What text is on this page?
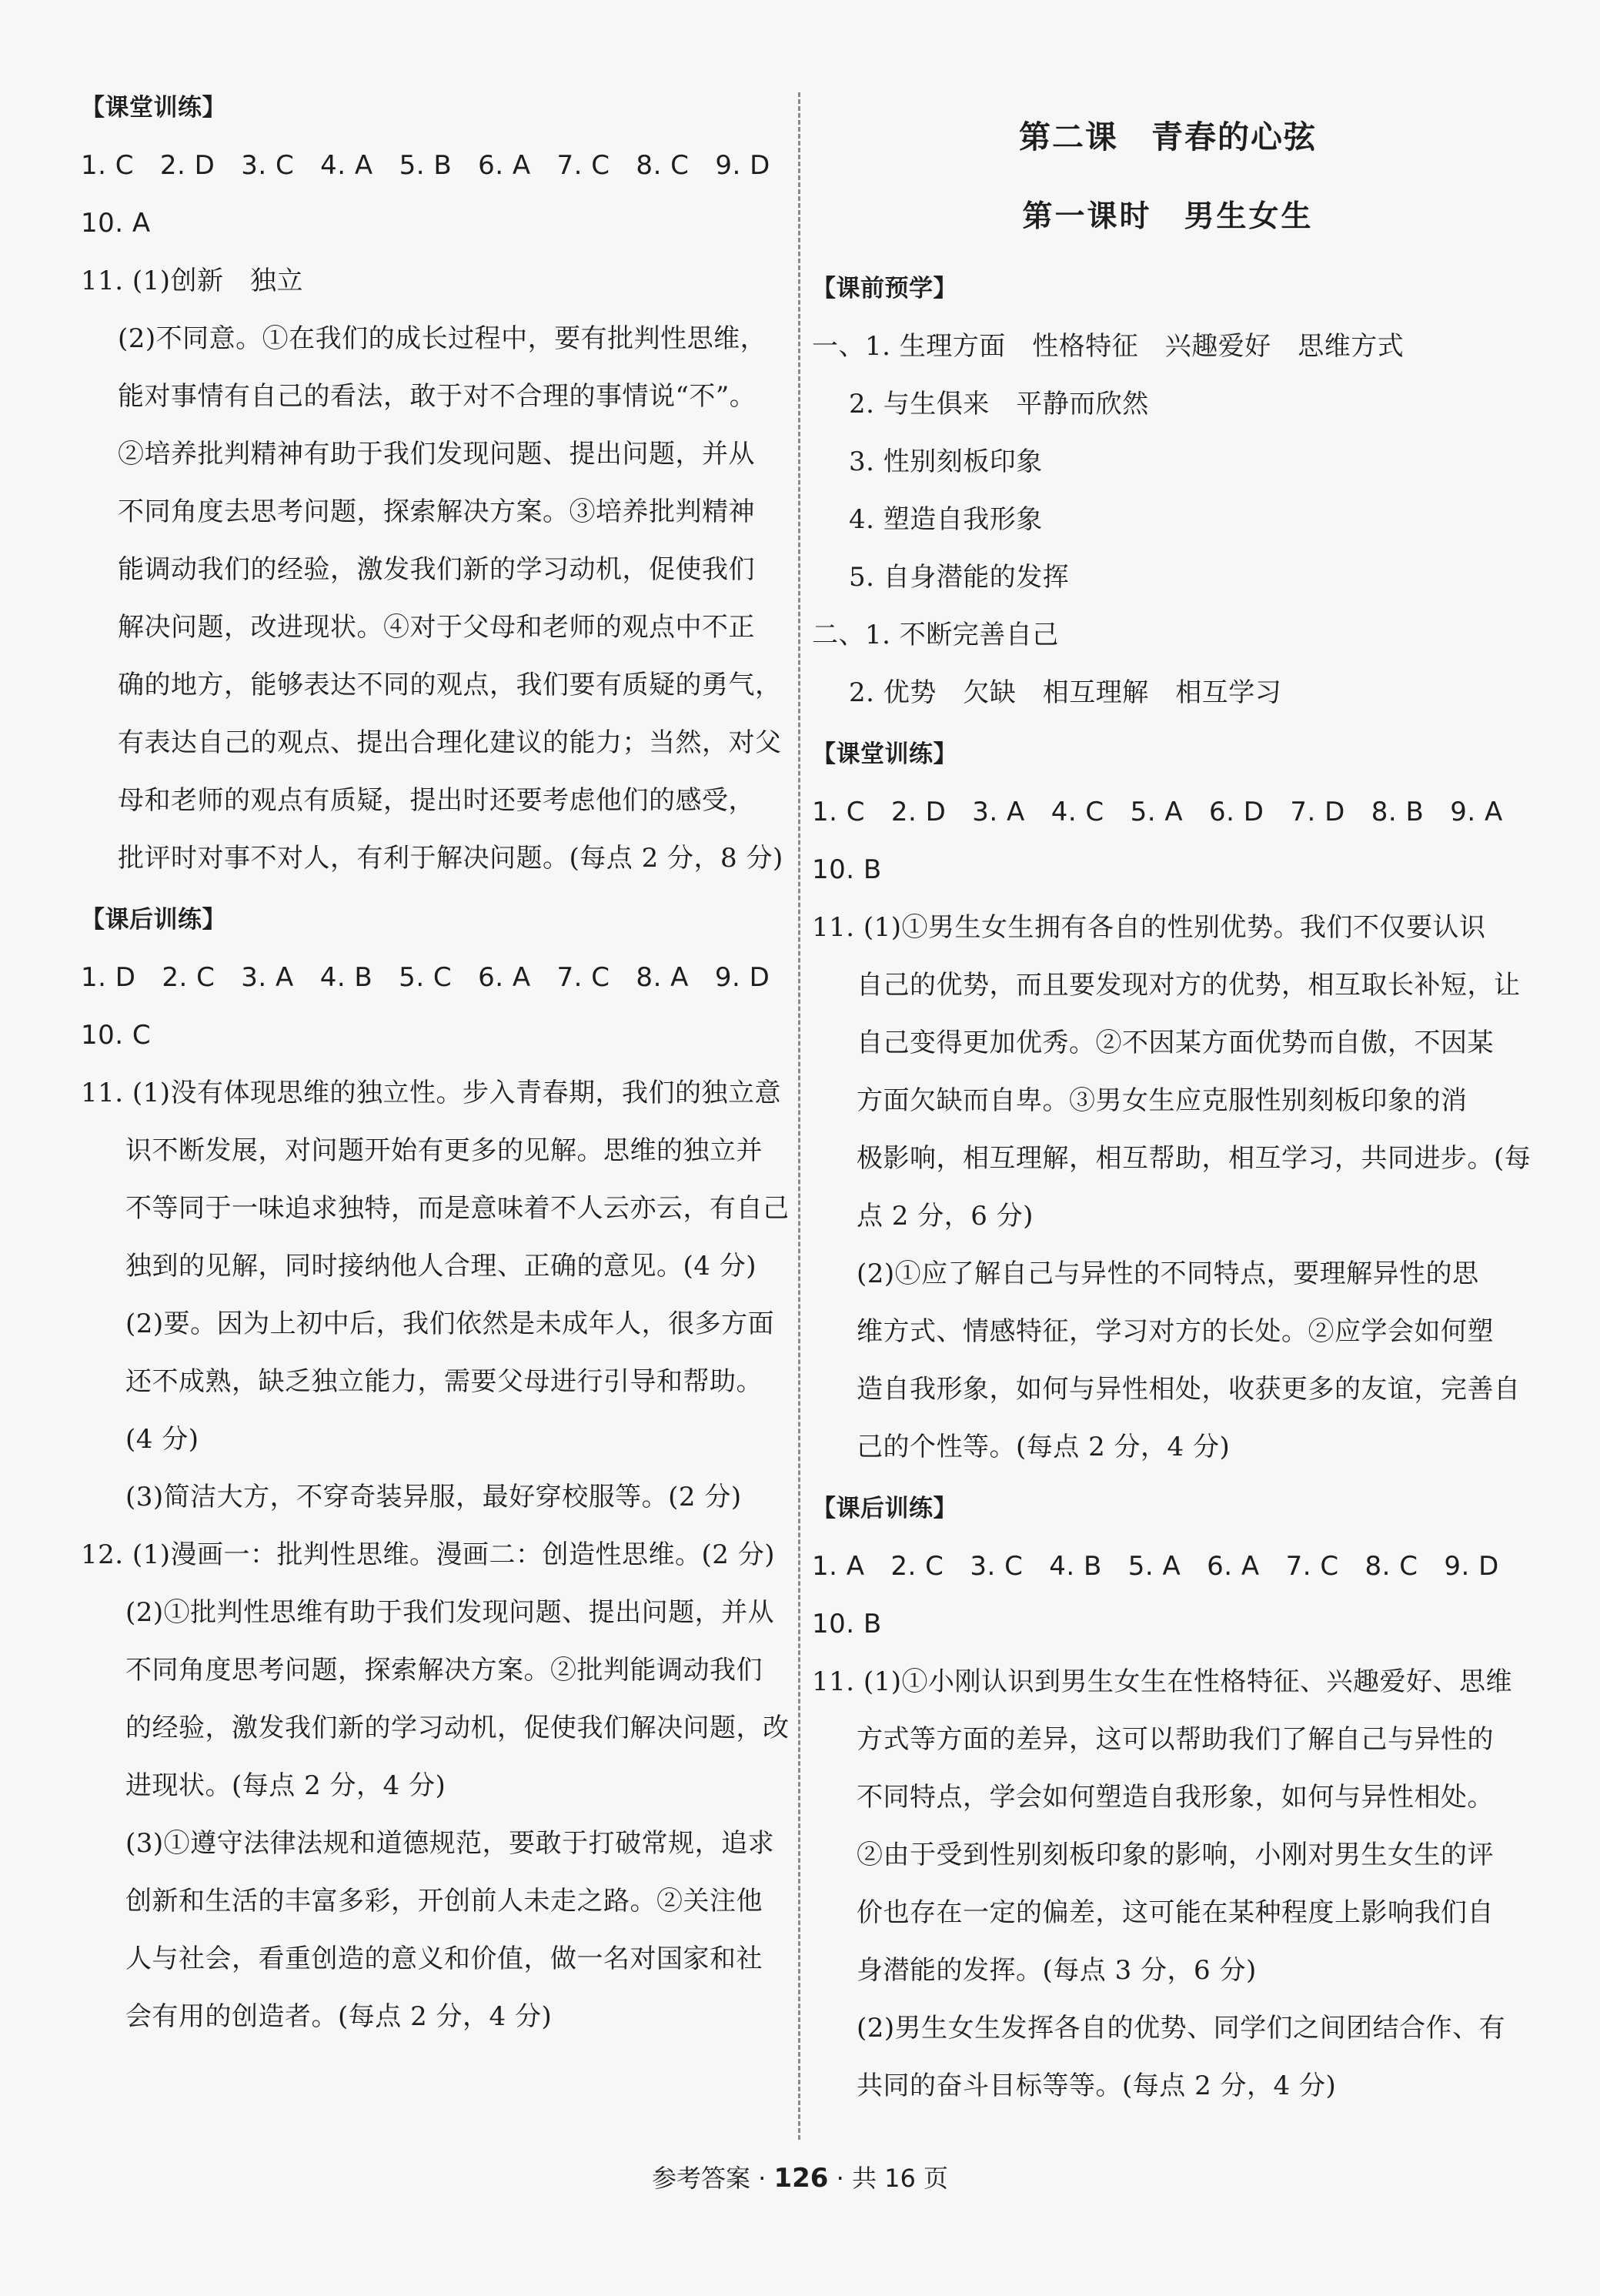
【课堂训练】
1. C   2. D   3. C   4. A   5. B   6. A   7. C   8. C   9. D
10. A
11. (1)创新　独立
(2)不同意。①在我们的成长过程中，要有批判性思维，
能对事情有自己的看法，敢于对不合理的事情说“不”。
②培养批判精神有助于我们发现问题、提出问题，并从
不同角度去思考问题，探索解决方案。③培养批判精神
能调动我们的经验，激发我们新的学习动机，促使我们
解决问题，改进现状。④对于父母和老师的观点中不正
确的地方，能够表达不同的观点，我们要有质疑的勇气，
有表达自己的观点、提出合理化建议的能力；当然，对父
母和老师的观点有质疑，提出时还要考虑他们的感受，
批评时对事不对人，有利于解决问题。(每点 2 分，8 分)
【课后训练】
1. D   2. C   3. A   4. B   5. C   6. A   7. C   8. A   9. D
10. C
11. (1)没有体现思维的独立性。步入青春期，我们的独立意
识不断发展，对问题开始有更多的见解。思维的独立并
不等同于一味追求独特，而是意味着不人云亦云，有自己
独到的见解，同时接纳他人合理、正确的意见。(4 分)
(2)要。因为上初中后，我们依然是未成年人，很多方面
还不成熟，缺乏独立能力，需要父母进行引导和帮助。
(4 分)
(3)简洁大方，不穿奇装异服，最好穿校服等。(2 分)
12. (1)漫画一：批判性思维。漫画二：创造性思维。(2 分)
(2)①批判性思维有助于我们发现问题、提出问题，并从
不同角度思考问题，探索解决方案。②批判能调动我们
的经验，激发我们新的学习动机，促使我们解决问题，改
进现状。(每点 2 分，4 分)
(3)①遵守法律法规和道德规范，要敢于打破常规，追求
创新和生活的丰富多彩，开创前人未走之路。②关注他
人与社会，看重创造的意义和价值，做一名对国家和社
会有用的创造者。(每点 2 分，4 分)
第二课　青春的心弦
第一课时　男生女生
【课前预学】
一、1. 生理方面　性格特征　兴趣爱好　思维方式
2. 与生俱来　平静而欣然
3. 性别刻板印象
4. 塑造自我形象
5. 自身潜能的发挥
二、1. 不断完善自己
2. 优势　欠缺　相互理解　相互学习
【课堂训练】
1. C   2. D   3. A   4. C   5. A   6. D   7. D   8. B   9. A
10. B
11. (1)①男生女生拥有各自的性别优势。我们不仅要认识
自己的优势，而且要发现对方的优势，相互取长补短，让
自己变得更加优秀。②不因某方面优势而自傲，不因某
方面欠缺而自卑。③男女生应克服性别刻板印象的消
极影响，相互理解，相互帮助，相互学习，共同进步。(每
点 2 分，6 分)
(2)①应了解自己与异性的不同特点，要理解异性的思
维方式、情感特征，学习对方的长处。②应学会如何塑
造自我形象，如何与异性相处，收获更多的友谊，完善自
己的个性等。(每点 2 分，4 分)
【课后训练】
1. A   2. C   3. C   4. B   5. A   6. A   7. C   8. C   9. D
10. B
11. (1)①小刚认识到男生女生在性格特征、兴趣爱好、思维
方式等方面的差异，这可以帮助我们了解自己与异性的
不同特点，学会如何塑造自我形象，如何与异性相处。
②由于受到性别刻板印象的影响，小刚对男生女生的评
价也存在一定的偏差，这可能在某种程度上影响我们自
身潜能的发挥。(每点 3 分，6 分)
(2)男生女生发挥各自的优势、同学们之间团结合作、有
共同的奋斗目标等等。(每点 2 分，4 分)
参考答案 · 126 · 共 16 页
